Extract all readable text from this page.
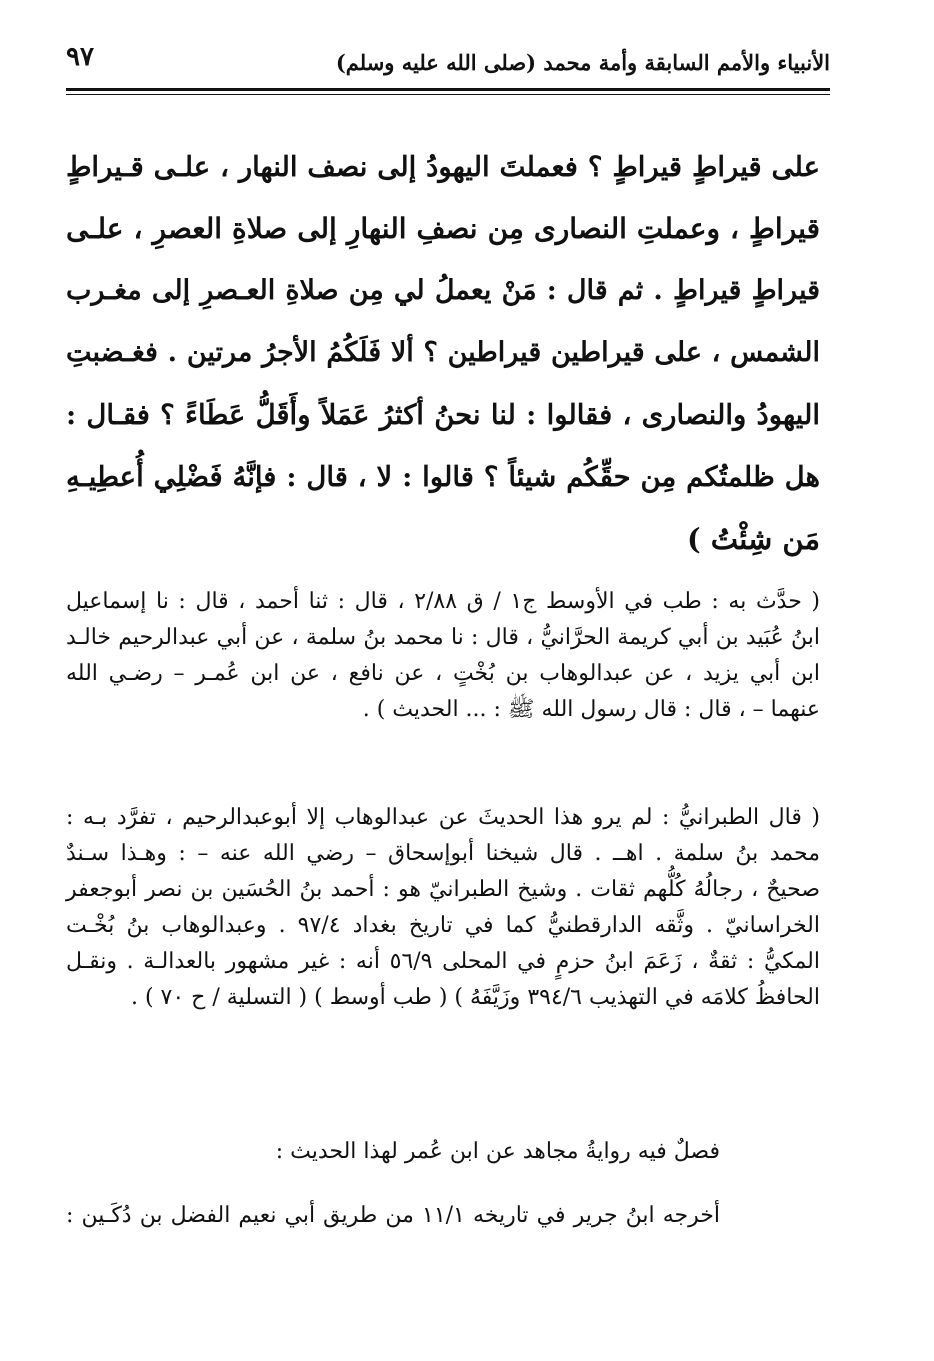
الأنبياء والأمم السابقة وأمة محمد (صلى الله عليه وسلم)
٩٧
على قيراطٍ قيراطٍ ؟ فعملتَ اليهودُ إلى نصف النهار ، علـى قـيراطٍ
قيراطٍ ، وعملتِ النصارى مِن نصفِ النهارِ إلى صلاةِ العصرِ ، علـى
قيراطٍ قيراطٍ . ثم قال : مَنْ يعملُ لي مِن صلاةِ العـصرِ إلى مغـرب
الشمس ، على قيراطين قيراطين ؟ ألا فَلَكُمُ الأجرُ مرتين . فغـضبتِ
اليهودُ والنصارى ، فقالوا : لنا نحنُ أكثرُ عَمَلاً وأَقَلُّ عَطَاءً ؟ فقـال :
هل ظلمتُكم مِن حقِّكُم شيئاً ؟ قالوا : لا ، قال : فإنَّهُ فَضْلِي أُعطِيـهِ
مَن شِئْتُ )
( حدَّث به : طب في الأوسط ج١ / ق ٢/٨٨ ، قال : ثنا أحمد ، قال : نا إسماعيل
ابنُ عُبَيد بن أبي كريمة الحرَّانيُّ ، قال : نا محمد بنُ سلمة ، عن أبي عبدالرحيم خالـد
ابن أبي يزيد ، عن عبدالوهاب بن بُخْتٍ ، عن نافع ، عن ابن عُمـر – رضـي الله
عنهما – ، قال : قال رسول الله ﷺ : ... الحديث ) .
( قال الطبرانيُّ : لم يرو هذا الحديثَ عن عبدالوهاب إلا أبوعبدالرحيم ، تفرَّد بـه :
محمد بنُ سلمة . اهــ . قال شيخنا أبوإسحاق – رضي الله عنه – : وهـذا سـندٌ
صحيحٌ ، رجالُهُ كُلُّهم ثقات . وشيخ الطبرانيّ هو : أحمد بنُ الحُسَين بن نصر أبوجعفر
الخراسانيّ . وثَّقه الدارقطنيُّ كما في تاريخ بغداد ٩٧/٤ . وعبدالوهاب بنُ بُخْـت
المكيُّ : ثقةٌ ، زَعَمَ ابنُ حزمٍ في المحلى ٥٦/٩ أنه : غير مشهور بالعدالـة . ونقـل
الحافظُ كلامَه في التهذيب ٣٩٤/٦ وزَيَّفَهُ ) ( طب أوسط ) ( التسلية / ح ٧٠ ) .
فصلٌ فيه روايةُ مجاهد عن ابن عُمر لهذا الحديث :
أخرجه ابنُ جرير في تاريخه ١١/١ من طريق أبي نعيم الفضل بن دُكَـين :
